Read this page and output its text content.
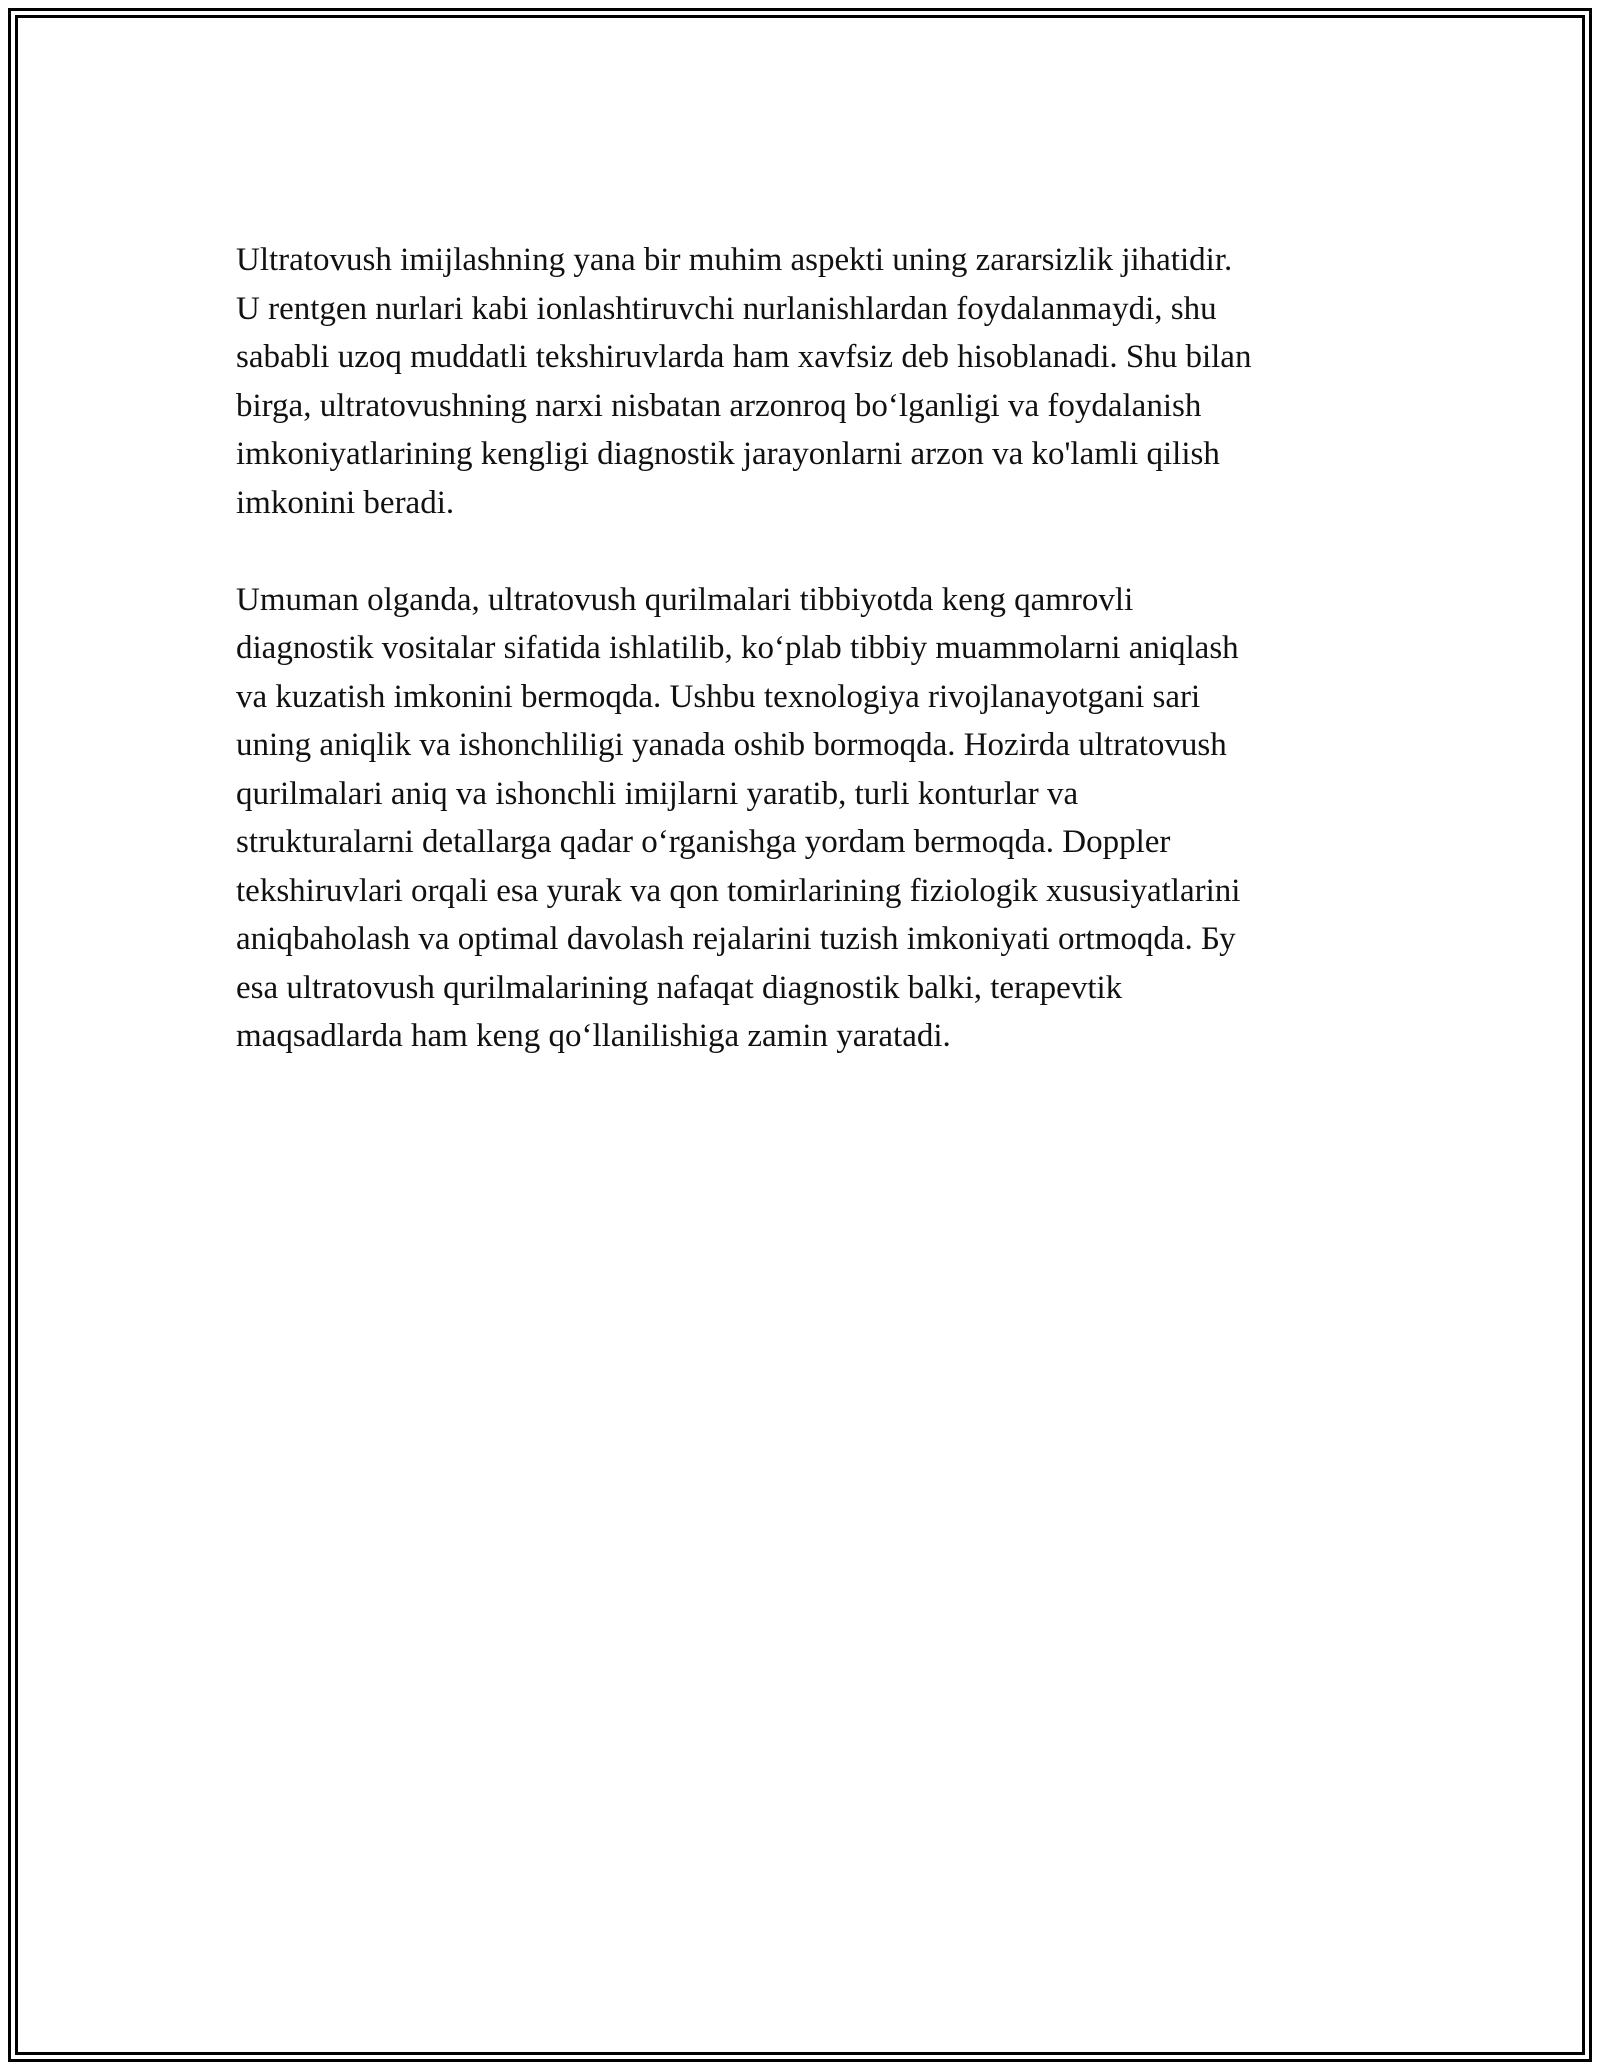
Ultratovush imijlashning yana bir muhim aspekti uning zararsizlik jihatidir.
U rentgen nurlari kabi ionlashtiruvchi nurlanishlardan foydalanmaydi, shu
sababli uzoq muddatli tekshiruvlarda ham xavfsiz deb hisoblanadi. Shu bilan
birga, ultratovushning narxi nisbatan arzonroq bo‘lganligi va foydalanish
imkoniyatlarining kengligi diagnostik jarayonlarni arzon va ko'lamli qilish
imkonini beradi.

Umuman olganda, ultratovush qurilmalari tibbiyotda keng qamrovli
diagnostik vositalar sifatida ishlatilib, ko‘plab tibbiy muammolarni aniqlash
va kuzatish imkonini bermoqda. Ushbu texnologiya rivojlanayotgani sari
uning aniqlik va ishonchliligi yanada oshib bormoqda. Hozirda ultratovush
qurilmalari aniq va ishonchli imijlarni yaratib, turli konturlar va
strukturalarni detallarga qadar o‘rganishga yordam bermoqda. Doppler
tekshiruvlari orqali esa yurak va qon tomirlarining fiziologik xususiyatlarini
aniqbaholash va optimal davolash rejalarini tuzish imkoniyati ortmoqda. Бу
esa ultratovush qurilmalarining nafaqat diagnostik balki, terapevtik
maqsadlarda ham keng qo‘llanilishiga zamin yaratadi.
